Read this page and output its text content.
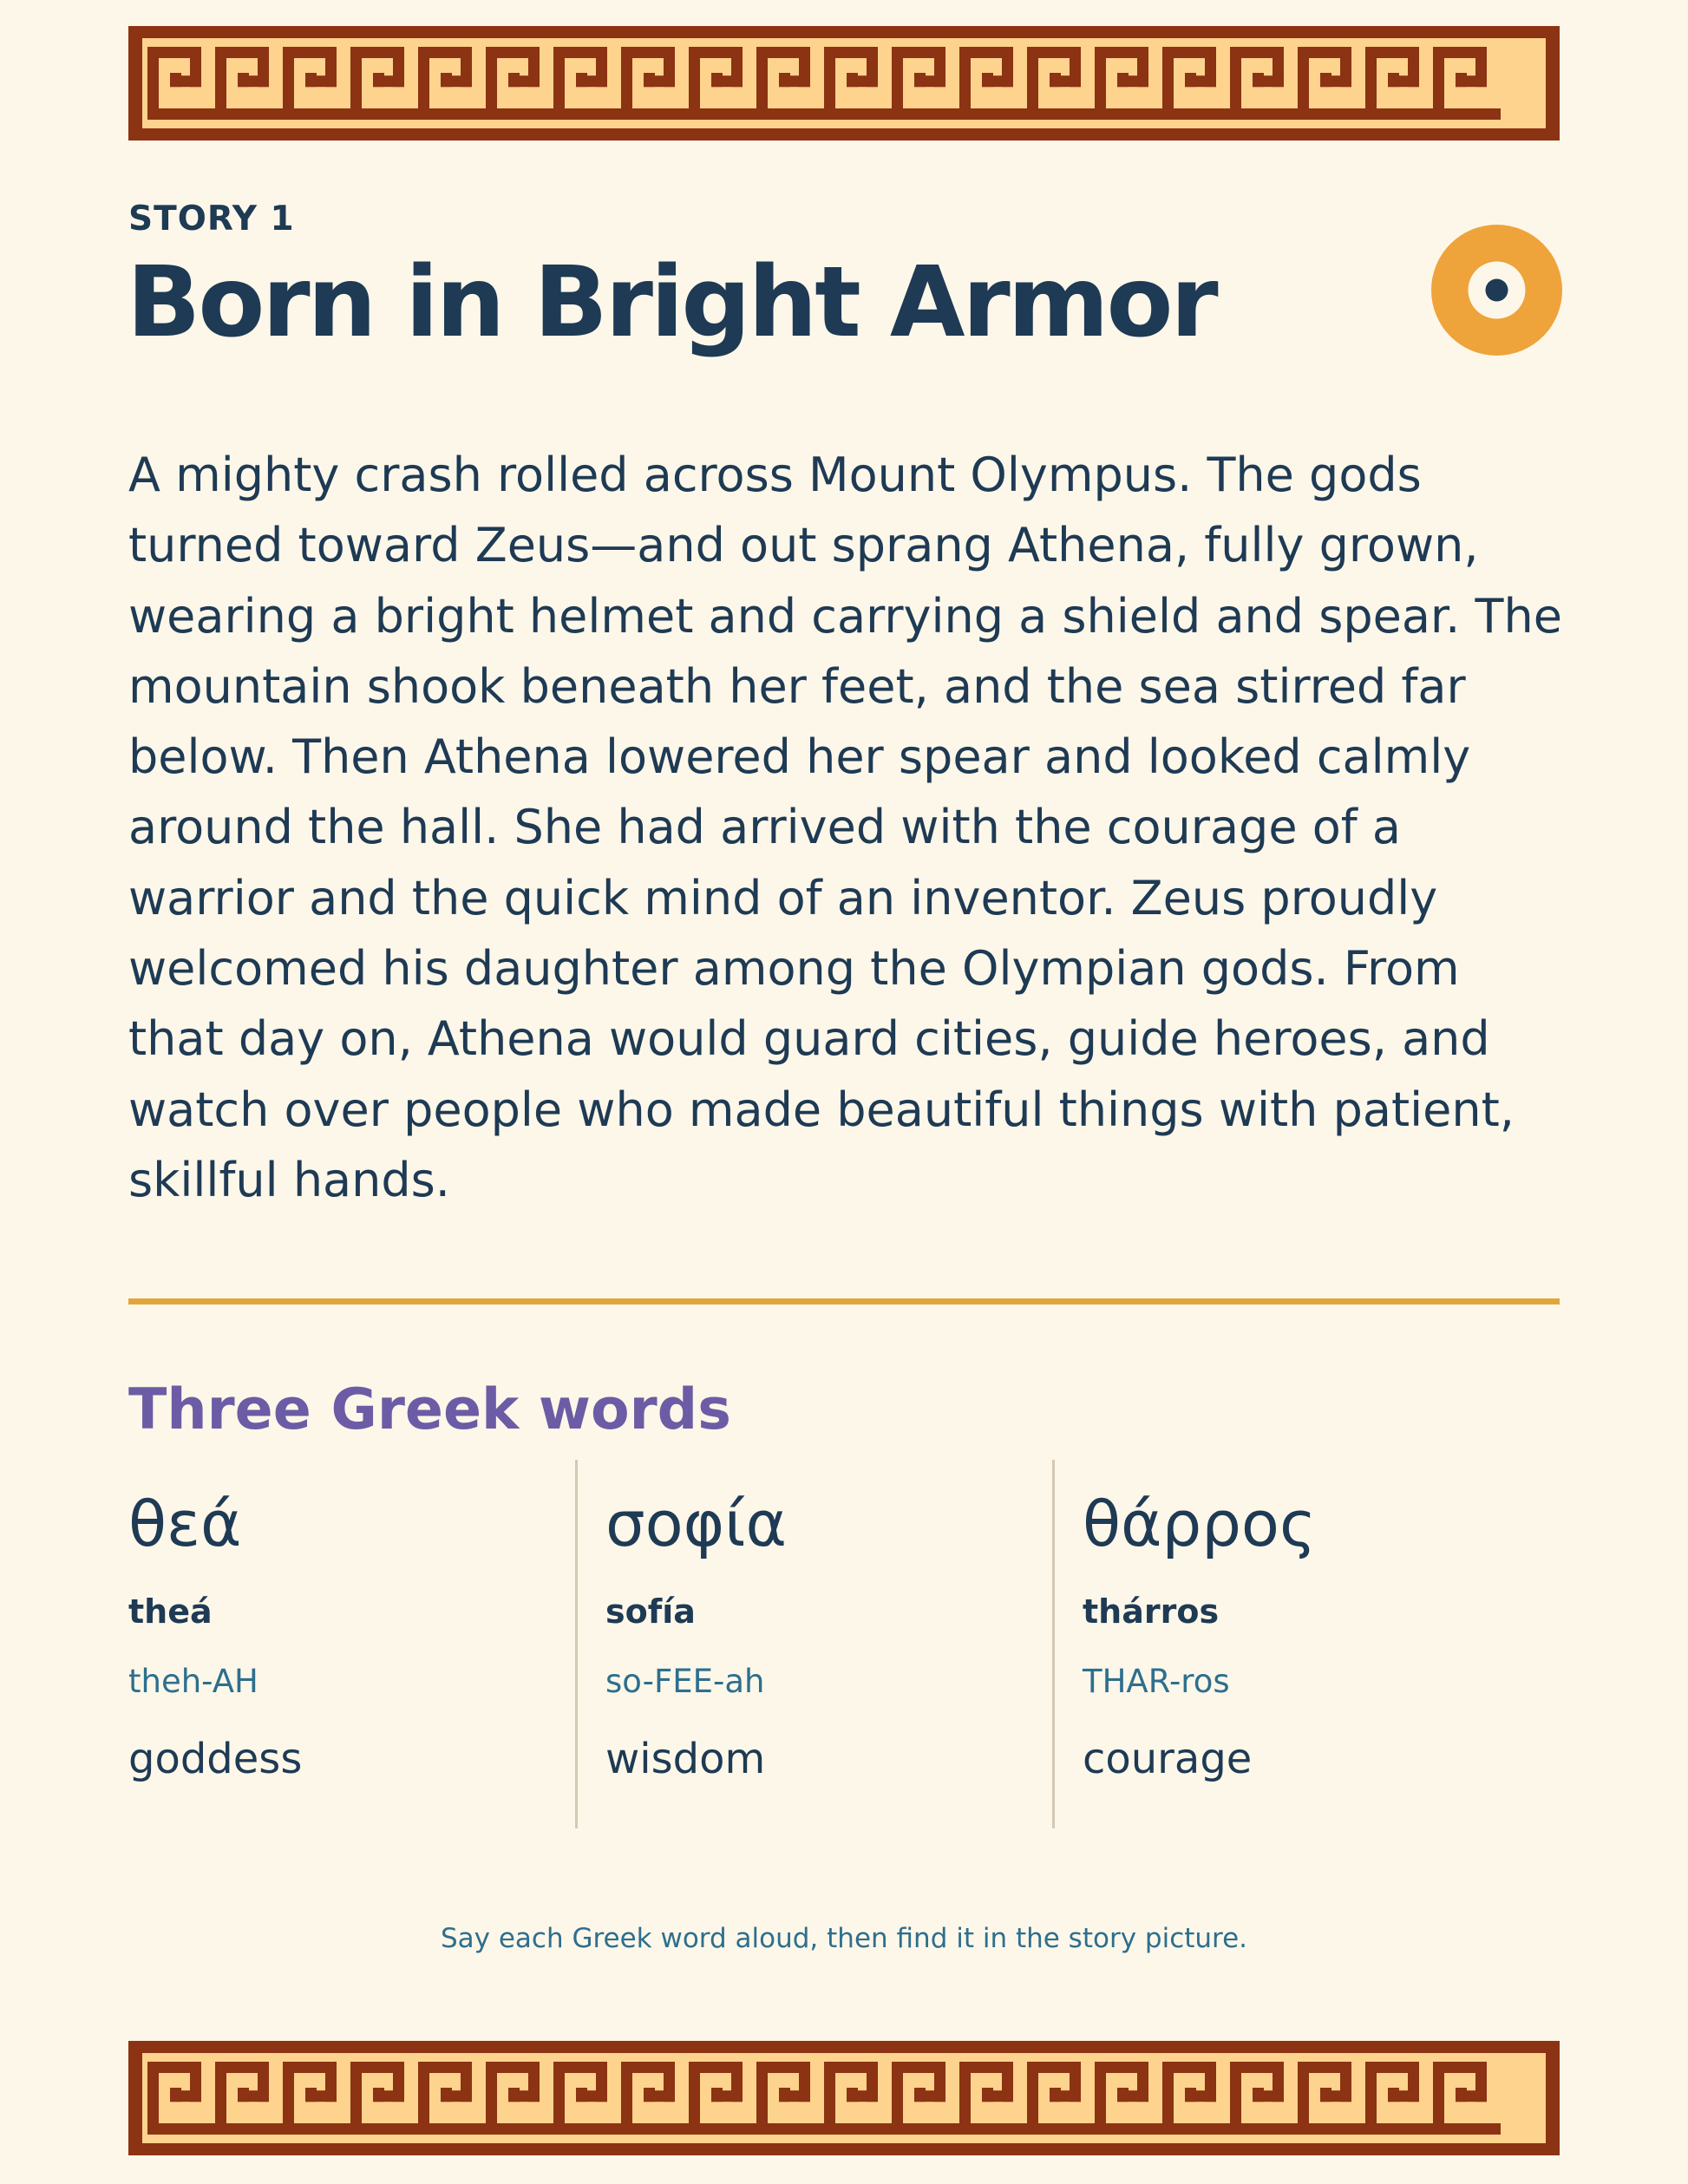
STORY 1
Born in Bright Armor

A mighty crash rolled across Mount Olympus. The gods turned toward Zeus—and out sprang Athena, fully grown, wearing a bright helmet and carrying a shield and spear. The mountain shook beneath her feet, and the sea stirred far below. Then Athena lowered her spear and looked calmly around the hall. She had arrived with the courage of a warrior and the quick mind of an inventor. Zeus proudly welcomed his daughter among the Olympian gods. From that day on, Athena would guard cities, guide heroes, and watch over people who made beautiful things with patient, skillful hands.

Three Greek words
θεά
theá
theh-AH
goddess
σοφία
sofía
so-FEE-ah
wisdom
θάρρος
thárros
THAR-ros
courage
Say each Greek word aloud, then find it in the story picture.
